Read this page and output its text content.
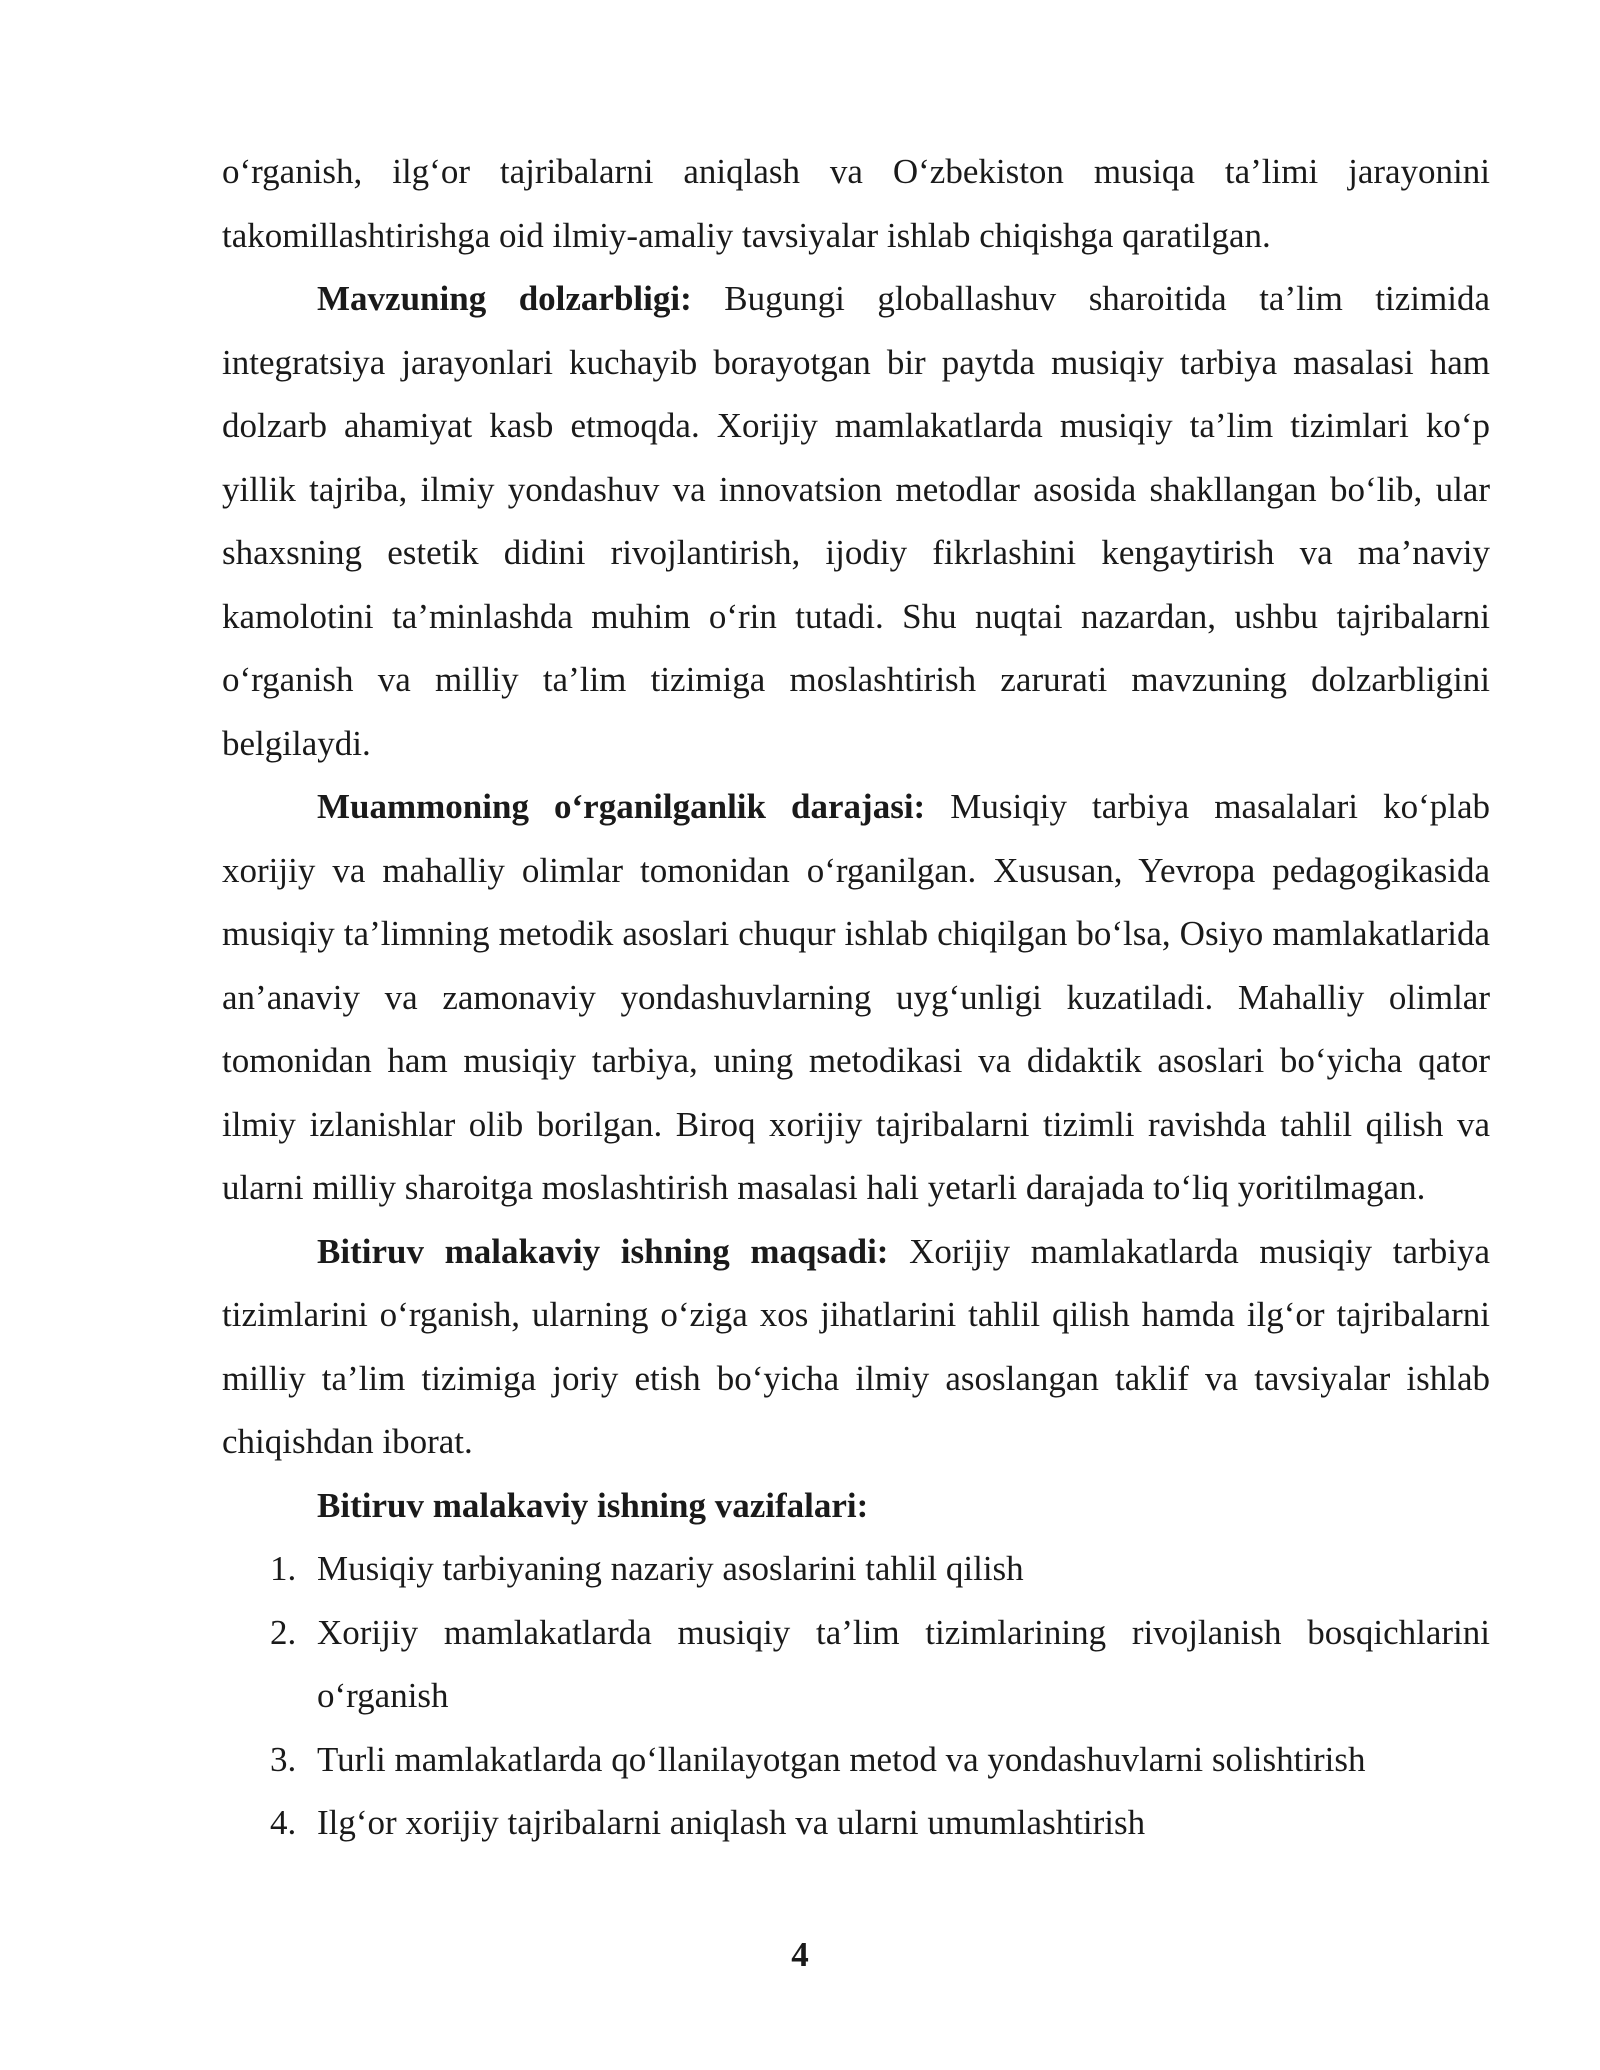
o‘rganish, ilg‘or tajribalarni aniqlash va O‘zbekiston musiqa ta’limi jarayonini takomillashtirishga oid ilmiy-amaliy tavsiyalar ishlab chiqishga qaratilgan.

Mavzuning dolzarbligi: Bugungi globallashuv sharoitida ta’lim tizimida integratsiya jarayonlari kuchayib borayotgan bir paytda musiqiy tarbiya masalasi ham dolzarb ahamiyat kasb etmoqda. Xorijiy mamlakatlarda musiqiy ta’lim tizimlari ko‘p yillik tajriba, ilmiy yondashuv va innovatsion metodlar asosida shakllangan bo‘lib, ular shaxsning estetik didini rivojlantirish, ijodiy fikrlashini kengaytirish va ma’naviy kamolotini ta’minlashda muhim o‘rin tutadi. Shu nuqtai nazardan, ushbu tajribalarni o‘rganish va milliy ta’lim tizimiga moslashtirish zarurati mavzuning dolzarbligini belgilaydi.

Muammoning o‘rganilganlik darajasi: Musiqiy tarbiya masalalari ko‘plab xorijiy va mahalliy olimlar tomonidan o‘rganilgan. Xususan, Yevropa pedagogikasida musiqiy ta’limning metodik asoslari chuqur ishlab chiqilgan bo‘lsa, Osiyo mamlakatlarida an’anaviy va zamonaviy yondashuvlarning uyg‘unligi kuzatiladi. Mahalliy olimlar tomonidan ham musiqiy tarbiya, uning metodikasi va didaktik asoslari bo‘yicha qator ilmiy izlanishlar olib borilgan. Biroq xorijiy tajribalarni tizimli ravishda tahlil qilish va ularni milliy sharoitga moslashtirish masalasi hali yetarli darajada to‘liq yoritilmagan.

Bitiruv malakaviy ishning maqsadi: Xorijiy mamlakatlarda musiqiy tarbiya tizimlarini o‘rganish, ularning o‘ziga xos jihatlarini tahlil qilish hamda ilg‘or tajribalarni milliy ta’lim tizimiga joriy etish bo‘yicha ilmiy asoslangan taklif va tavsiyalar ishlab chiqishdan iborat.

Bitiruv malakaviy ishning vazifalari:

1. Musiqiy tarbiyaning nazariy asoslarini tahlil qilish
2. Xorijiy mamlakatlarda musiqiy ta’lim tizimlarining rivojlanish bosqichlarini o‘rganish
3. Turli mamlakatlarda qo‘llanilayotgan metod va yondashuvlarni solishtirish
4. Ilg‘or xorijiy tajribalarni aniqlash va ularni umumlashtirish
4
